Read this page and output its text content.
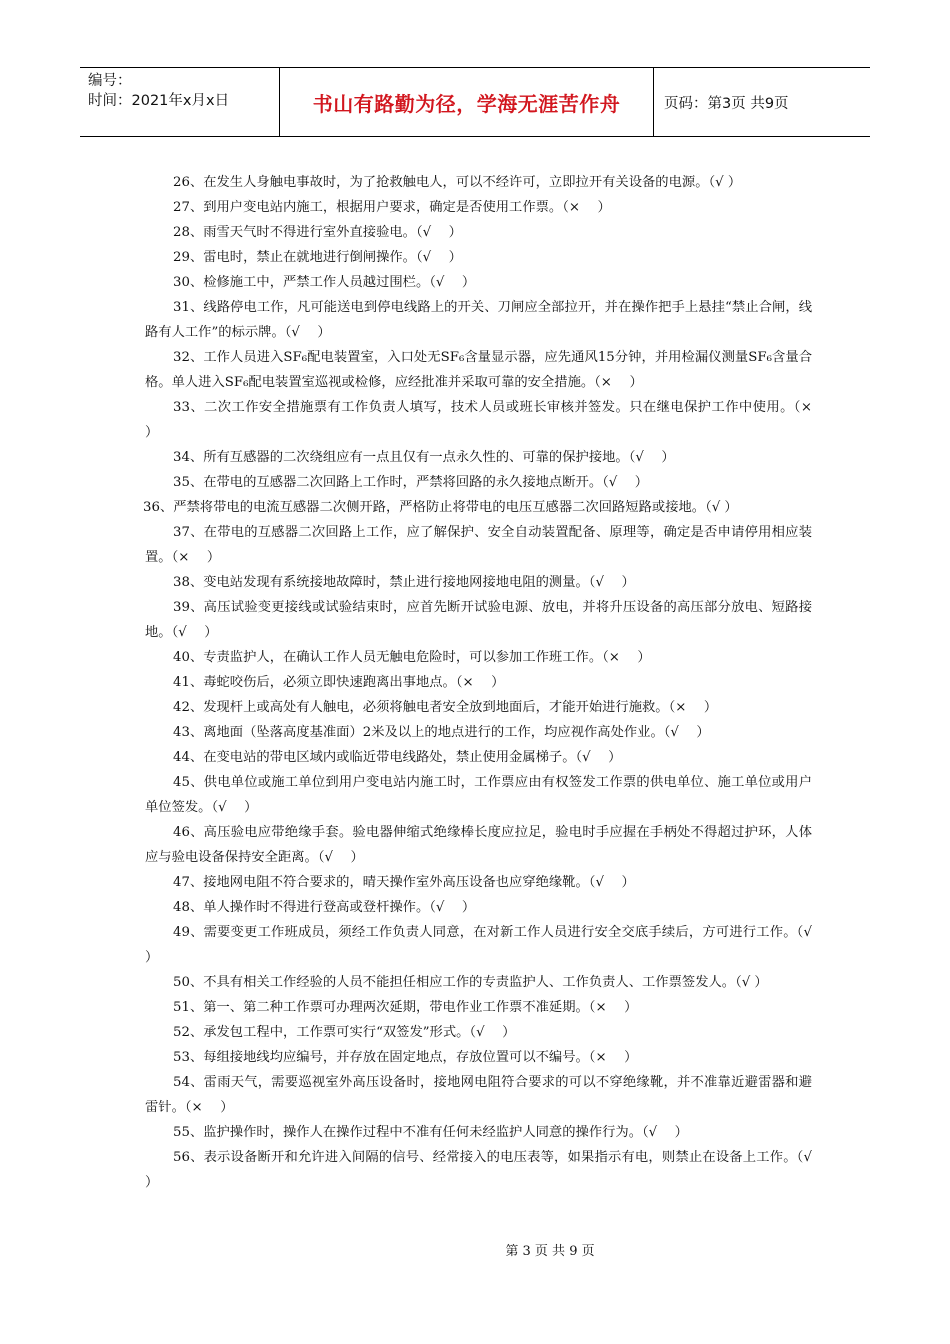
编号：
时间：2021年x月x日	书山有路勤为径，学海无涯苦作舟	页码：第3页 共9页

26、在发生人身触电事故时，为了抢救触电人，可以不经许可，立即拉开有关设备的电源。（√ ）

27、到用户变电站内施工，根据用户要求，确定是否使用工作票。（×　 ）

28、雨雪天气时不得进行室外直接验电。（√　 ）

29、雷电时，禁止在就地进行倒闸操作。（√　 ）

30、检修施工中，严禁工作人员越过围栏。（√　 ）

31、线路停电工作，凡可能送电到停电线路上的开关、刀闸应全部拉开，并在操作把手上悬挂“禁止合闸，线路有人工作”的标示牌。（√　 ）

32、工作人员进入SF₆配电装置室，入口处无SF₆含量显示器，应先通风15分钟，并用检漏仪测量SF₆含量合格。单人进入SF₆配电装置室巡视或检修，应经批准并采取可靠的安全措施。（×　 ）

33、二次工作安全措施票有工作负责人填写，技术人员或班长审核并签发。只在继电保护工作中使用。（×　 ）

34、所有互感器的二次绕组应有一点且仅有一点永久性的、可靠的保护接地。（√　 ）

35、在带电的互感器二次回路上工作时，严禁将回路的永久接地点断开。（√　 ）

36、严禁将带电的电流互感器二次侧开路，严格防止将带电的电压互感器二次回路短路或接地。（√ ）

37、在带电的互感器二次回路上工作，应了解保护、安全自动装置配备、原理等，确定是否申请停用相应装置。（×　 ）

38、变电站发现有系统接地故障时，禁止进行接地网接地电阻的测量。（√　 ）

39、高压试验变更接线或试验结束时，应首先断开试验电源、放电，并将升压设备的高压部分放电、短路接地。（√　 ）

40、专责监护人，在确认工作人员无触电危险时，可以参加工作班工作。（×　 ）

41、毒蛇咬伤后，必须立即快速跑离出事地点。（×　 ）

42、发现杆上或高处有人触电，必须将触电者安全放到地面后，才能开始进行施救。（×　 ）

43、离地面（坠落高度基准面）2米及以上的地点进行的工作，均应视作高处作业。（√　 ）

44、在变电站的带电区域内或临近带电线路处，禁止使用金属梯子。（√　 ）

45、供电单位或施工单位到用户变电站内施工时，工作票应由有权签发工作票的供电单位、施工单位或用户单位签发。（√　 ）

46、高压验电应带绝缘手套。验电器伸缩式绝缘棒长度应拉足，验电时手应握在手柄处不得超过护环，人体应与验电设备保持安全距离。（√　 ）

47、接地网电阻不符合要求的，晴天操作室外高压设备也应穿绝缘靴。（√　 ）

48、单人操作时不得进行登高或登杆操作。（√　 ）

49、需要变更工作班成员，须经工作负责人同意，在对新工作人员进行安全交底手续后，方可进行工作。（√　 ）

50、不具有相关工作经验的人员不能担任相应工作的专责监护人、工作负责人、工作票签发人。（√ ）

51、第一、第二种工作票可办理两次延期，带电作业工作票不准延期。（×　 ）

52、承发包工程中，工作票可实行“双签发”形式。（√　 ）

53、每组接地线均应编号，并存放在固定地点，存放位置可以不编号。（×　 ）

54、雷雨天气，需要巡视室外高压设备时，接地网电阻符合要求的可以不穿绝缘靴，并不准靠近避雷器和避雷针。（×　 ）

55、监护操作时，操作人在操作过程中不准有任何未经监护人同意的操作行为。（√　 ）

56、表示设备断开和允许进入间隔的信号、经常接入的电压表等，如果指示有电，则禁止在设备上工作。（√　 ）

第 3 页 共 9 页
